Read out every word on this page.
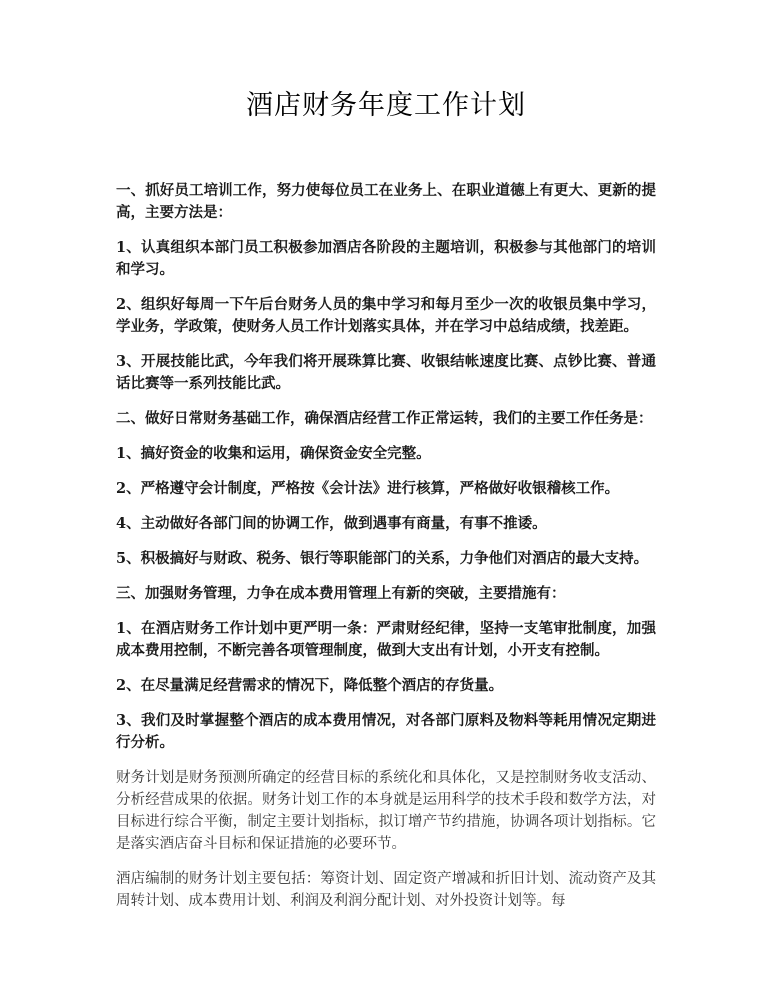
酒店财务年度工作计划

一、抓好员工培训工作，努力使每位员工在业务上、在职业道德上有更大、更新的提高，主要方法是：

1、认真组织本部门员工积极参加酒店各阶段的主题培训，积极参与其他部门的培训和学习。

2、组织好每周一下午后台财务人员的集中学习和每月至少一次的收银员集中学习，学业务，学政策，使财务人员工作计划落实具体，并在学习中总结成绩，找差距。

3、开展技能比武，今年我们将开展珠算比赛、收银结帐速度比赛、点钞比赛、普通话比赛等一系列技能比武。

二、做好日常财务基础工作，确保酒店经营工作正常运转，我们的主要工作任务是：

1、搞好资金的收集和运用，确保资金安全完整。

2、严格遵守会计制度，严格按《会计法》进行核算，严格做好收银稽核工作。

4、主动做好各部门间的协调工作，做到遇事有商量，有事不推诿。

5、积极搞好与财政、税务、银行等职能部门的关系，力争他们对酒店的最大支持。

三、加强财务管理，力争在成本费用管理上有新的突破，主要措施有：

1、在酒店财务工作计划中更严明一条：严肃财经纪律，坚持一支笔审批制度，加强成本费用控制，不断完善各项管理制度，做到大支出有计划，小开支有控制。

2、在尽量满足经营需求的情况下，降低整个酒店的存货量。

3、我们及时掌握整个酒店的成本费用情况，对各部门原料及物料等耗用情况定期进行分析。

财务计划是财务预测所确定的经营目标的系统化和具体化，又是控制财务收支活动、分析经营成果的依据。财务计划工作的本身就是运用科学的技术手段和数学方法，对目标进行综合平衡，制定主要计划指标，拟订增产节约措施，协调各项计划指标。它是落实酒店奋斗目标和保证措施的必要环节。

酒店编制的财务计划主要包括：筹资计划、固定资产增减和折旧计划、流动资产及其周转计划、成本费用计划、利润及利润分配计划、对外投资计划等。每
